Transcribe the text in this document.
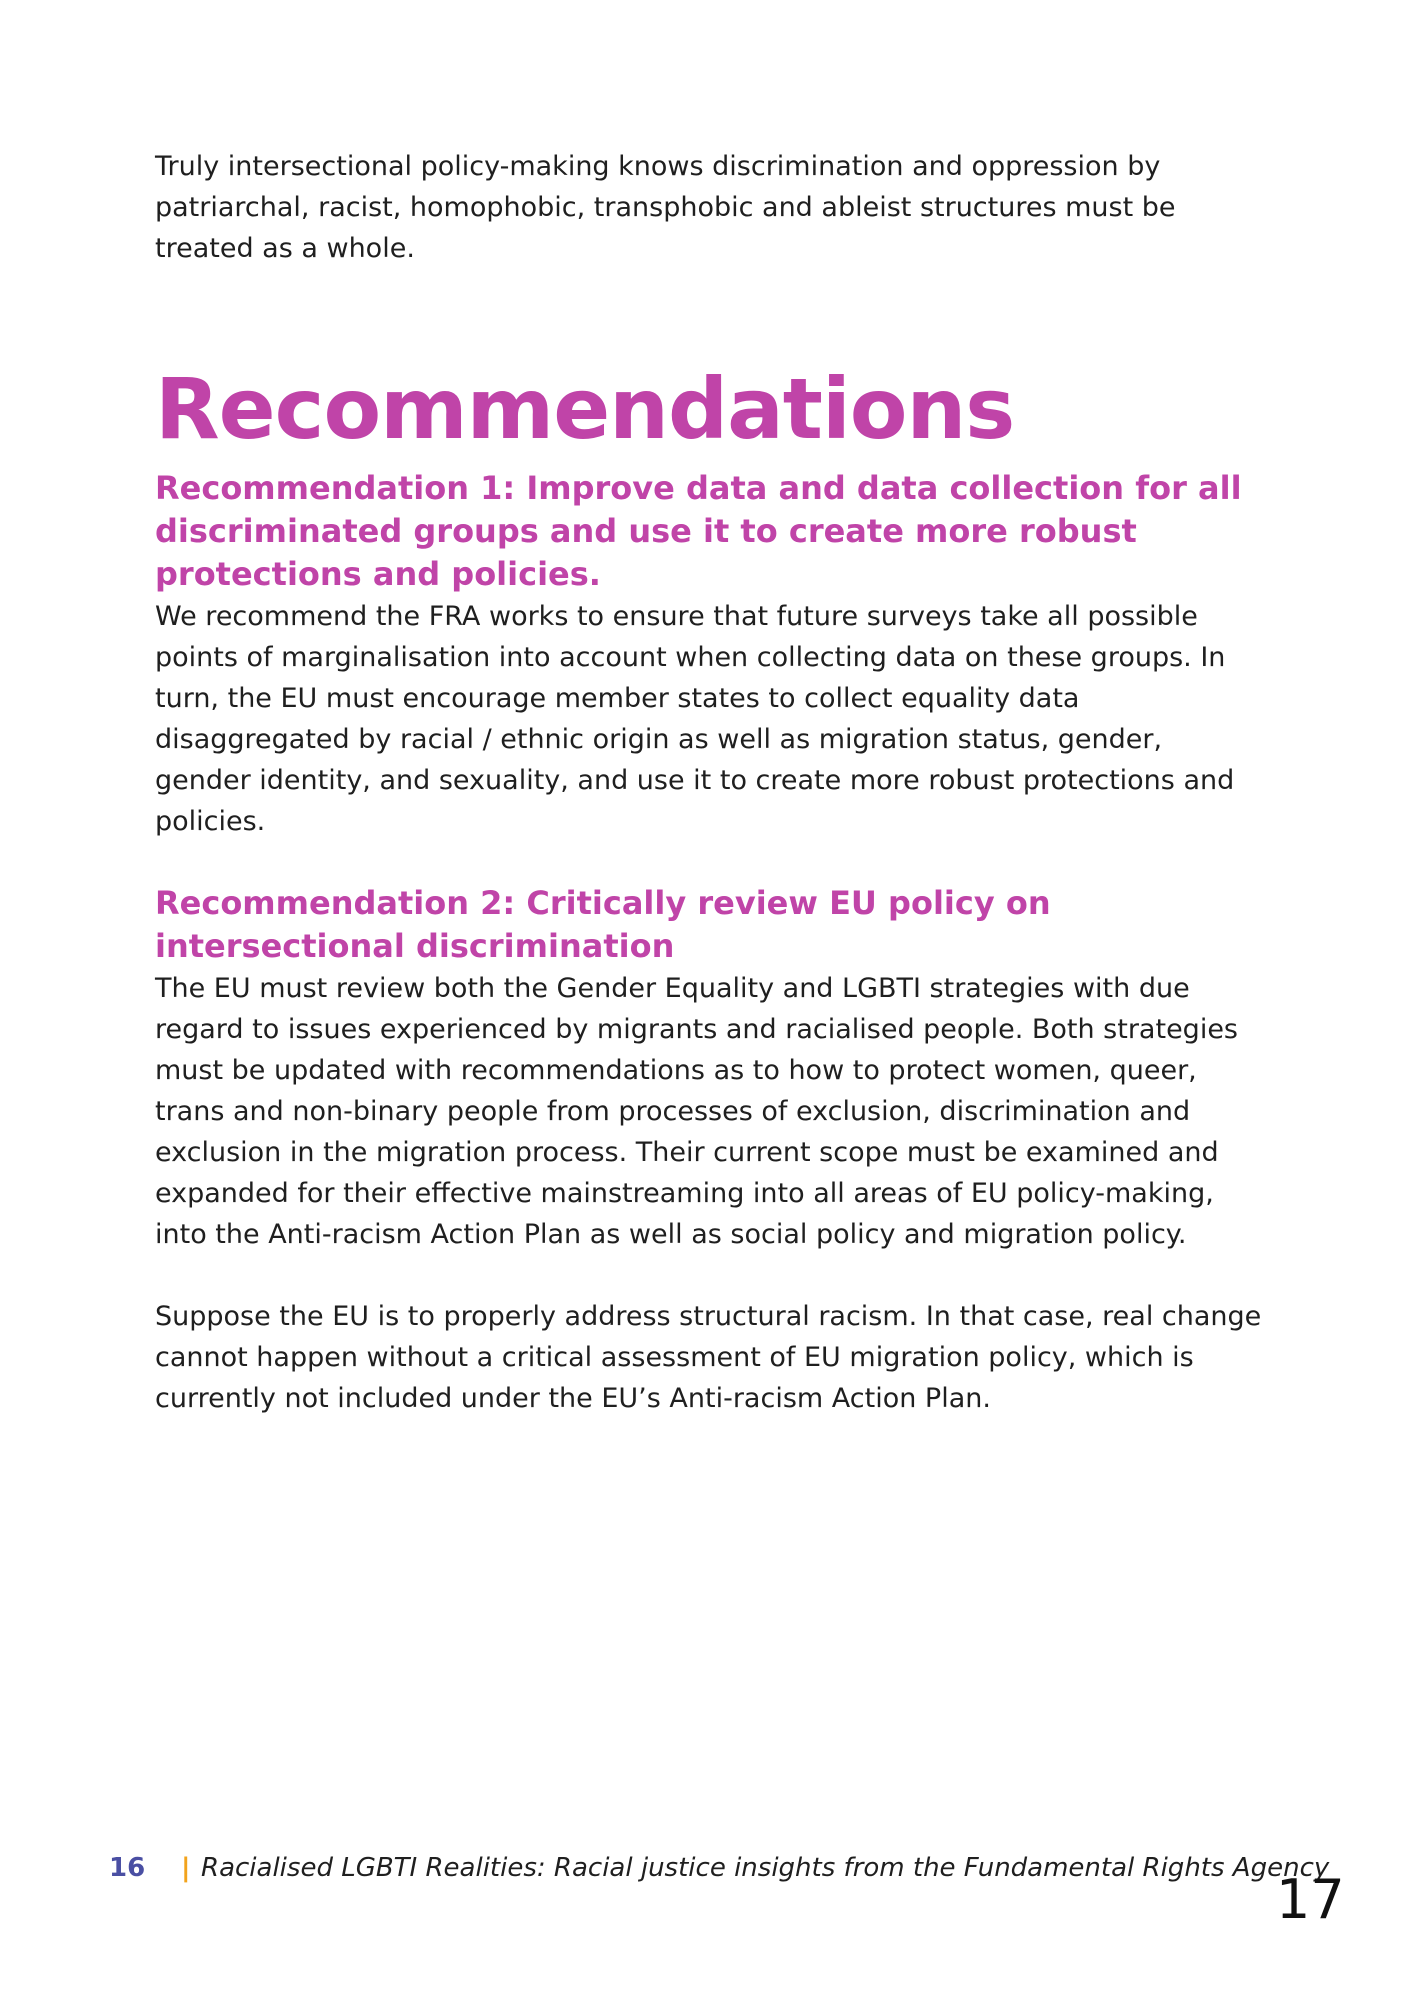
Truly intersectional policy-making knows discrimination and oppression by patriarchal, racist, homophobic, transphobic and ableist structures must be treated as a whole.

Recommendations
Recommendation 1: Improve data and data collection for all discriminated groups and use it to create more robust protections and policies.

We recommend the FRA works to ensure that future surveys take all possible points of marginalisation into account when collecting data on these groups. In turn, the EU must encourage member states to collect equality data disaggregated by racial / ethnic origin as well as migration status, gender, gender identity, and sexuality, and use it to create more robust protections and policies.

Recommendation 2: Critically review EU policy on intersectional discrimination

The EU must review both the Gender Equality and LGBTI strategies with due regard to issues experienced by migrants and racialised people. Both strategies must be updated with recommendations as to how to protect women, queer, trans and non-binary people from processes of exclusion, discrimination and exclusion in the migration process. Their current scope must be examined and expanded for their effective mainstreaming into all areas of EU policy-making, into the Anti-racism Action Plan as well as social policy and migration policy.

Suppose the EU is to properly address structural racism. In that case, real change cannot happen without a critical assessment of EU migration policy, which is currently not included under the EU’s Anti-racism Action Plan.

16 | Racialised LGBTI Realities: Racial justice insights from the Fundamental Rights Agency
17
